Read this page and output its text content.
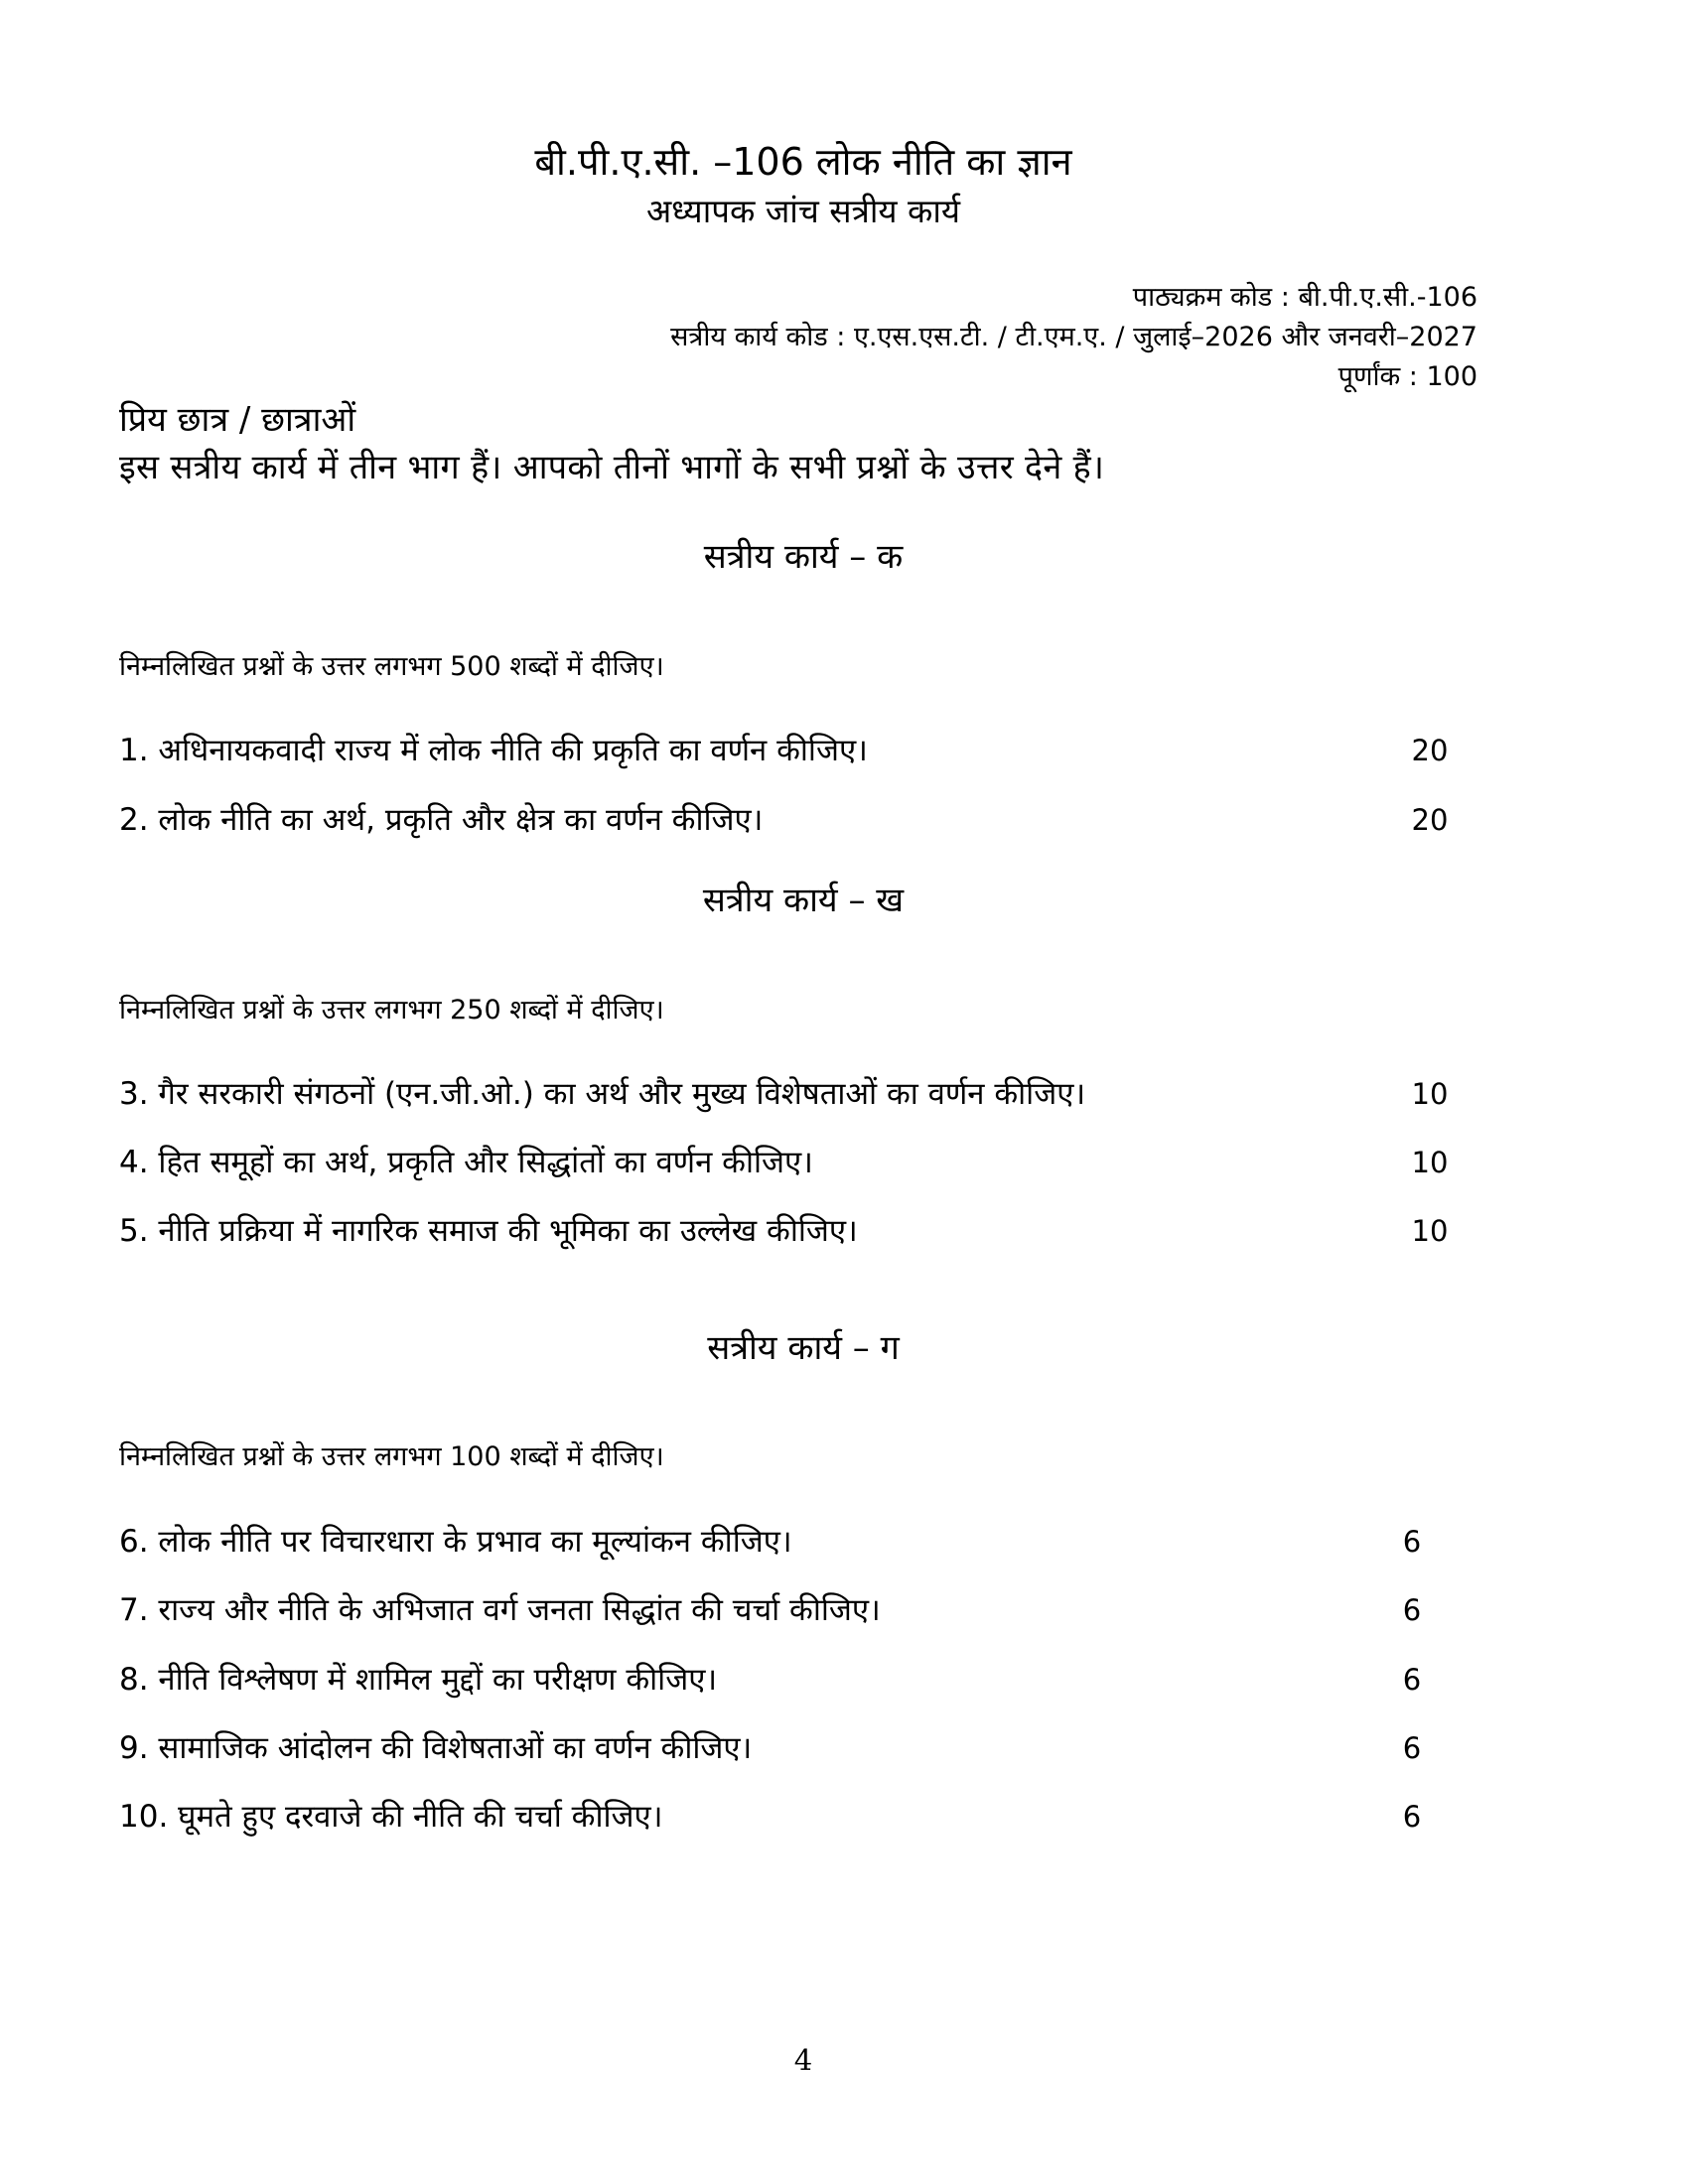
बी.पी.ए.सी. –106 लोक नीति का ज्ञान
अध्यापक जांच सत्रीय कार्य
पाठ्यक्रम कोड : बी.पी.ए.सी.-106
सत्रीय कार्य कोड : ए.एस.एस.टी. / टी.एम.ए. / जुलाई–2026 और जनवरी–2027
पूर्णांक : 100
प्रिय छात्र / छात्राओं
इस सत्रीय कार्य में तीन भाग हैं। आपको तीनों भागों के सभी प्रश्नों के उत्तर देने हैं।
सत्रीय कार्य – क
निम्नलिखित प्रश्नों के उत्तर लगभग 500 शब्दों में दीजिए।
1. अधिनायकवादी राज्य में लोक नीति की प्रकृति का वर्णन कीजिए।	20
2. लोक नीति का अर्थ, प्रकृति और क्षेत्र का वर्णन कीजिए।	20
सत्रीय कार्य – ख
निम्नलिखित प्रश्नों के उत्तर लगभग 250 शब्दों में दीजिए।
3. गैर सरकारी संगठनों (एन.जी.ओ.) का अर्थ और मुख्य विशेषताओं का वर्णन कीजिए।	10
4. हित समूहों का अर्थ, प्रकृति और सिद्धांतों का वर्णन कीजिए।	10
5. नीति प्रक्रिया में नागरिक समाज की भूमिका का उल्लेख कीजिए।	10
सत्रीय कार्य – ग
निम्नलिखित प्रश्नों के उत्तर लगभग 100 शब्दों में दीजिए।
6. लोक नीति पर विचारधारा के प्रभाव का मूल्यांकन कीजिए।	6
7. राज्य और नीति के अभिजात वर्ग जनता सिद्धांत की चर्चा कीजिए।	6
8. नीति विश्लेषण में शामिल मुद्दों का परीक्षण कीजिए।	6
9. सामाजिक आंदोलन की विशेषताओं का वर्णन कीजिए।	6
10. घूमते हुए दरवाजे की नीति की चर्चा कीजिए।	6
4
